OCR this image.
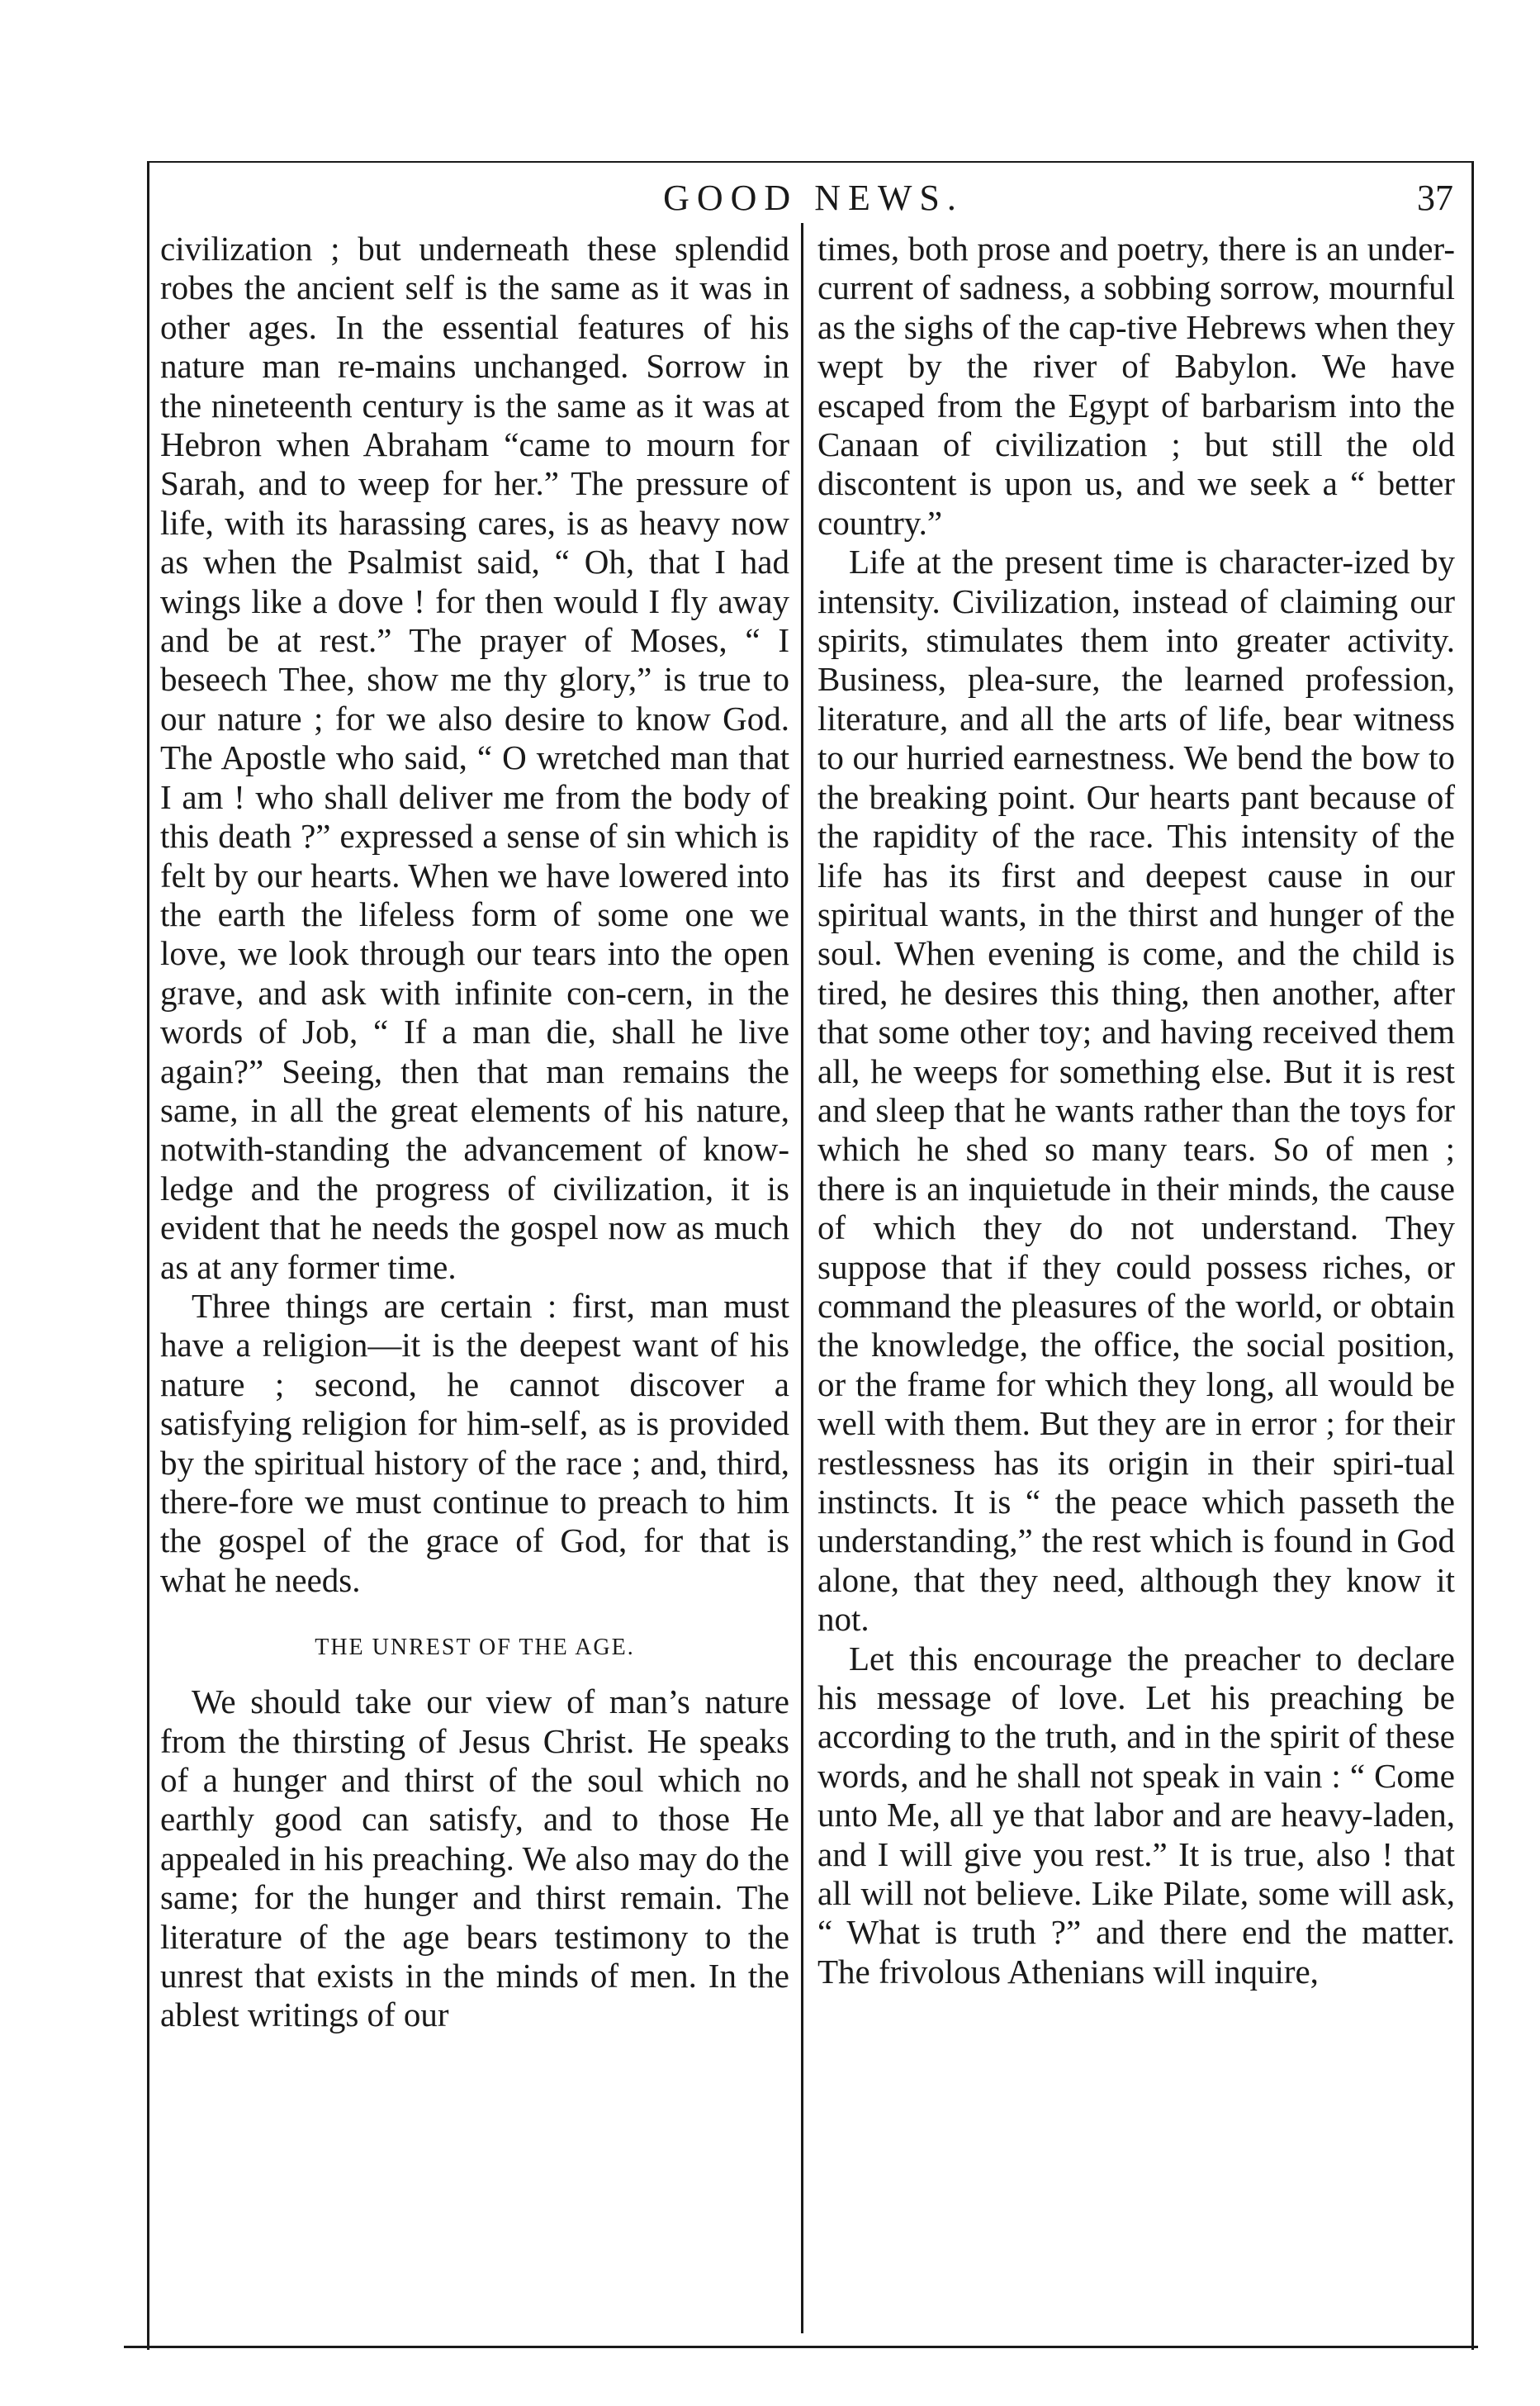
GOOD NEWS.	37

civilization ; but underneath these splendid robes the ancient self is the same as it was in other ages. In the essential features of his nature man re-mains unchanged. Sorrow in the nineteenth century is the same as it was at Hebron when Abraham “came to mourn for Sarah, and to weep for her.” The pressure of life, with its harassing cares, is as heavy now as when the Psalmist said, “ Oh, that I had wings like a dove ! for then would I fly away and be at rest.” The prayer of Moses, “ I beseech Thee, show me thy glory,” is true to our nature ; for we also desire to know God. The Apostle who said, “ O wretched man that I am ! who shall deliver me from the body of this death ?” expressed a sense of sin which is felt by our hearts. When we have lowered into the earth the lifeless form of some one we love, we look through our tears into the open grave, and ask with infinite con-cern, in the words of Job, “ If a man die, shall he live again?” Seeing, then that man remains the same, in all the great elements of his nature, notwith-standing the advancement of know-ledge and the progress of civilization, it is evident that he needs the gospel now as much as at any former time.

Three things are certain : first, man must have a religion—it is the deepest want of his nature ; second, he cannot discover a satisfying religion for him-self, as is provided by the spiritual history of the race ; and, third, there-fore we must continue to preach to him the gospel of the grace of God, for that is what he needs.

THE UNREST OF THE AGE.

We should take our view of man’s nature from the thirsting of Jesus Christ. He speaks of a hunger and thirst of the soul which no earthly good can satisfy, and to those He appealed in his preaching. We also may do the same; for the hunger and thirst remain. The literature of the age bears testimony to the unrest that exists in the minds of men. In the ablest writings of our

times, both prose and poetry, there is an under-current of sadness, a sobbing sorrow, mournful as the sighs of the cap-tive Hebrews when they wept by the river of Babylon. We have escaped from the Egypt of barbarism into the Canaan of civilization ; but still the old discontent is upon us, and we seek a “ better country.”

Life at the present time is character-ized by intensity. Civilization, instead of claiming our spirits, stimulates them into greater activity. Business, plea-sure, the learned profession, literature, and all the arts of life, bear witness to our hurried earnestness. We bend the bow to the breaking point. Our hearts pant because of the rapidity of the race. This intensity of the life has its first and deepest cause in our spiritual wants, in the thirst and hunger of the soul. When evening is come, and the child is tired, he desires this thing, then another, after that some other toy; and having received them all, he weeps for something else. But it is rest and sleep that he wants rather than the toys for which he shed so many tears. So of men ; there is an inquietude in their minds, the cause of which they do not understand. They suppose that if they could possess riches, or command the pleasures of the world, or obtain the knowledge, the office, the social position, or the frame for which they long, all would be well with them. But they are in error ; for their restlessness has its origin in their spiri-tual instincts. It is “ the peace which passeth the understanding,” the rest which is found in God alone, that they need, although they know it not.

Let this encourage the preacher to declare his message of love. Let his preaching be according to the truth, and in the spirit of these words, and he shall not speak in vain : “ Come unto Me, all ye that labor and are heavy-laden, and I will give you rest.” It is true, also ! that all will not believe. Like Pilate, some will ask, “ What is truth ?” and there end the matter. The frivolous Athenians will inquire,
